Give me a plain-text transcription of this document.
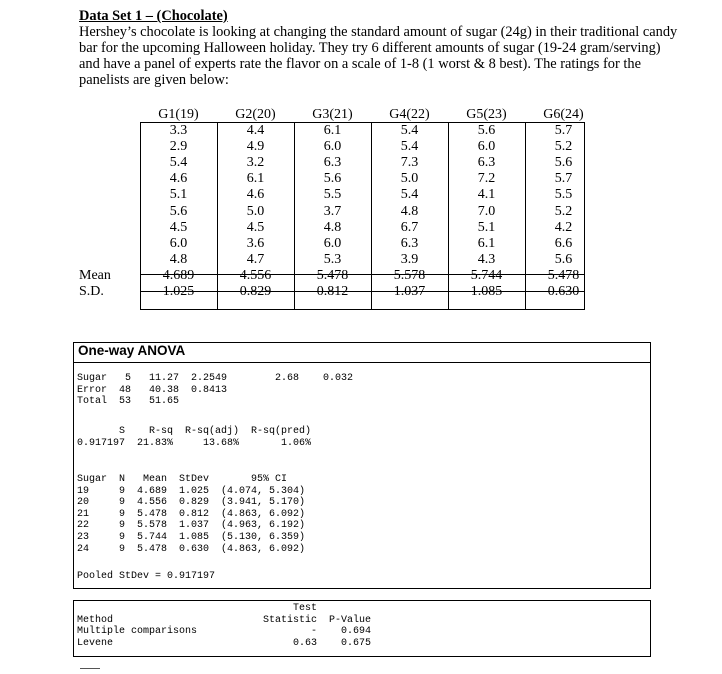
Data Set 1 – (Chocolate)
Hershey’s chocolate is looking at changing the standard amount of sugar (24g) in their traditional candy bar for the upcoming Halloween holiday. They try 6 different amounts of sugar (19-24 gram/serving) and have a panel of experts rate the flavor on a scale of 1-8 (1 worst & 8 best). The ratings for the panelists are given below:
G1(19)	G2(20)	G3(21)	G4(22)	G5(23)	G6(24)
3.3	4.4	6.1	5.4	5.6	5.7
2.9	4.9	6.0	5.4	6.0	5.2
5.4	3.2	6.3	7.3	6.3	5.6
4.6	6.1	5.6	5.0	7.2	5.7
5.1	4.6	5.5	5.4	4.1	5.5
5.6	5.0	3.7	4.8	7.0	5.2
4.5	4.5	4.8	6.7	5.1	4.2
6.0	3.6	6.0	6.3	6.1	6.6
4.8	4.7	5.3	3.9	4.3	5.6
Mean	4.689	4.556	5.478	5.578	5.744	5.478
S.D.	1.025	0.829	0.812	1.037	1.085	0.630
One-way ANOVA
Sugar   5   11.27  2.2549        2.68    0.032
Error  48   40.38  0.8413
Total  53   51.65
S    R-sq  R-sq(adj)  R-sq(pred)
0.917197  21.83%     13.68%       1.06%
Sugar  N   Mean  StDev       95% CI
19     9  4.689  1.025  (4.074, 5.304)
20     9  4.556  0.829  (3.941, 5.170)
21     9  5.478  0.812  (4.863, 6.092)
22     9  5.578  1.037  (4.963, 6.192)
23     9  5.744  1.085  (5.130, 6.359)
24     9  5.478  0.630  (4.863, 6.092)
Pooled StDev = 0.917197
Test
Method                         Statistic  P-Value
Multiple comparisons                   -    0.694
Levene                              0.63    0.675
